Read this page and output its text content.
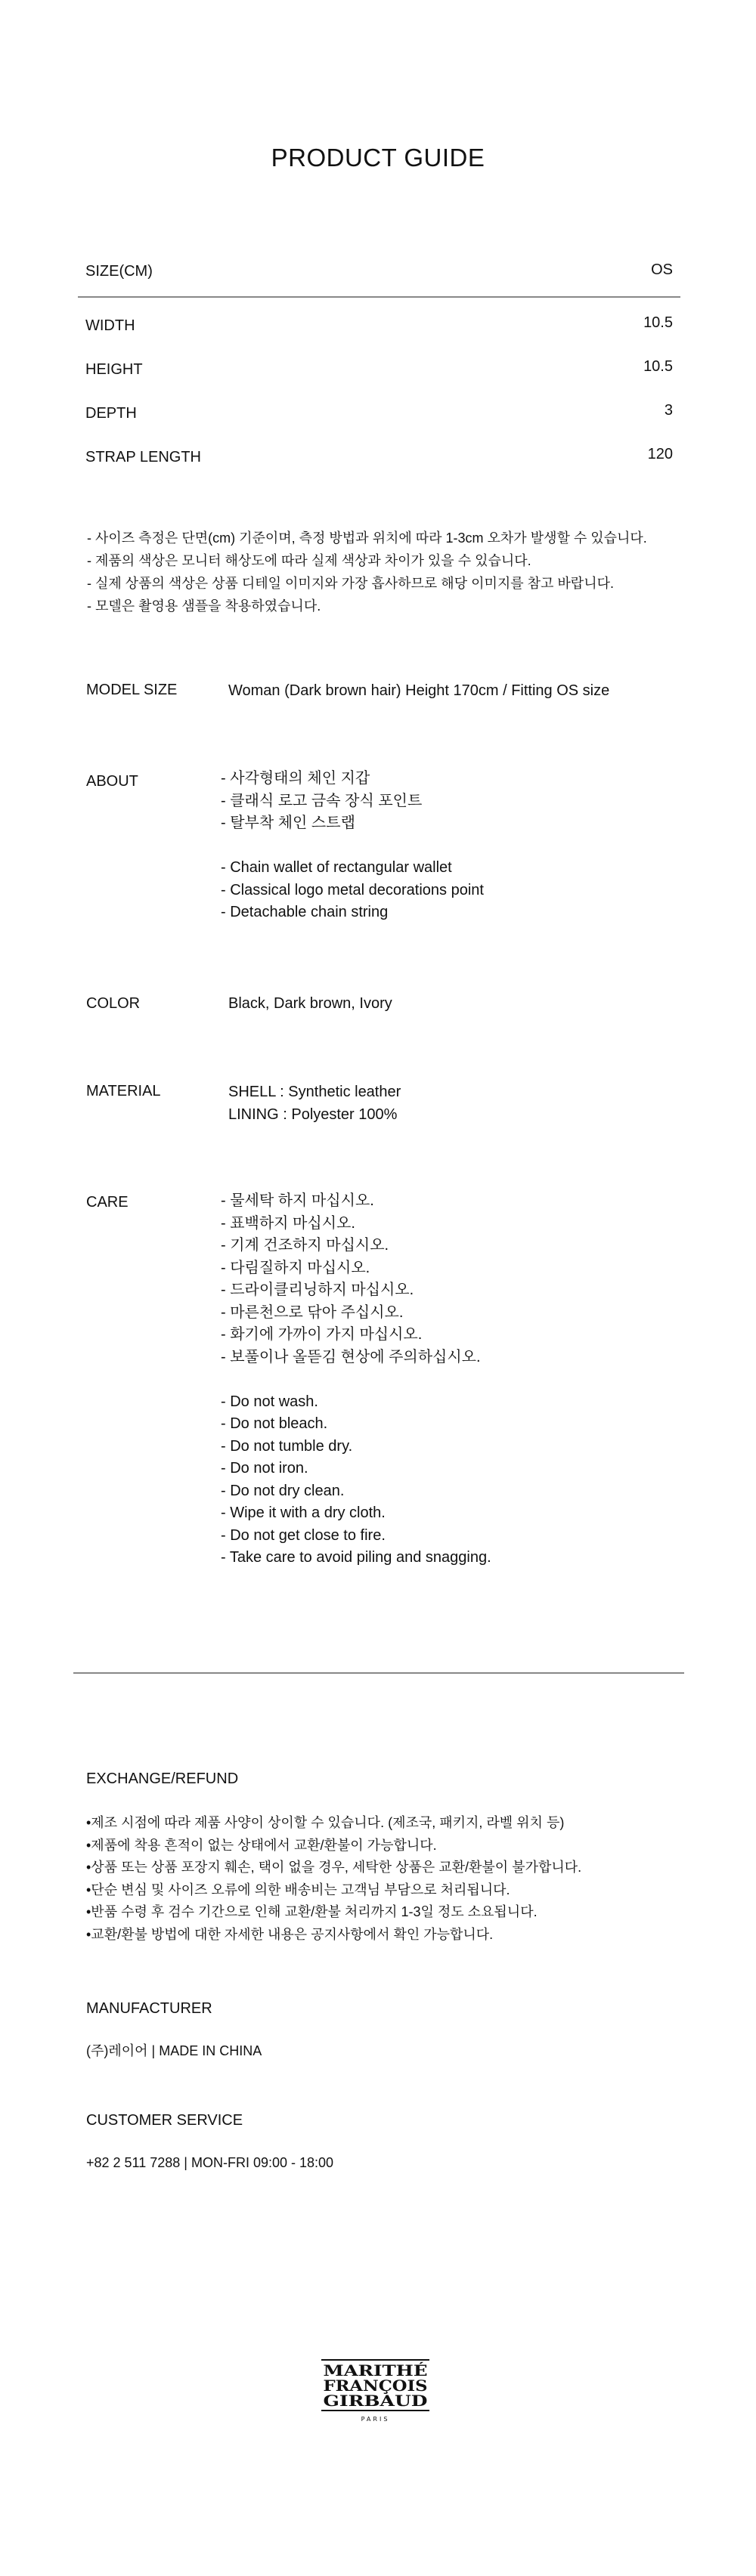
PRODUCT GUIDE
SIZE(CM)	OS
WIDTH	10.5
HEIGHT	10.5
DEPTH	3
STRAP LENGTH	120
- 사이즈 측정은 단면(cm) 기준이며, 측정 방법과 위치에 따라 1-3cm 오차가 발생할 수 있습니다.
- 제품의 색상은 모니터 해상도에 따라 실제 색상과 차이가 있을 수 있습니다.
- 실제 상품의 색상은 상품 디테일 이미지와 가장 흡사하므로 해당 이미지를 참고 바랍니다.
- 모델은 촬영용 샘플을 착용하였습니다.
MODEL SIZE	Woman (Dark brown hair) Height 170cm / Fitting OS size
ABOUT	- 사각형태의 체인 지갑
- 클래식 로고 금속 장식 포인트
- 탈부착 체인 스트랩
- Chain wallet of rectangular wallet
- Classical logo metal decorations point
- Detachable chain string
COLOR	Black, Dark brown, Ivory
MATERIAL	SHELL : Synthetic leather
LINING : Polyester 100%
CARE	- 물세탁 하지 마십시오.
- 표백하지 마십시오.
- 기계 건조하지 마십시오.
- 다림질하지 마십시오.
- 드라이클리닝하지 마십시오.
- 마른천으로 닦아 주십시오.
- 화기에 가까이 가지 마십시오.
- 보풀이나 올뜯김 현상에 주의하십시오.
- Do not wash.
- Do not bleach.
- Do not tumble dry.
- Do not iron.
- Do not dry clean.
- Wipe it with a dry cloth.
- Do not get close to fire.
- Take care to avoid piling and snagging.
EXCHANGE/REFUND
•제조 시점에 따라 제품 사양이 상이할 수 있습니다. (제조국, 패키지, 라벨 위치 등)
•제품에 착용 흔적이 없는 상태에서 교환/환불이 가능합니다.
•상품 또는 상품 포장지 훼손, 택이 없을 경우, 세탁한 상품은 교환/환불이 불가합니다.
•단순 변심 및 사이즈 오류에 의한 배송비는 고객님 부담으로 처리됩니다.
•반품 수령 후 검수 기간으로 인해 교환/환불 처리까지 1-3일 정도 소요됩니다.
•교환/환불 방법에 대한 자세한 내용은 공지사항에서 확인 가능합니다.
MANUFACTURER
(주)레이어 | MADE IN CHINA
CUSTOMER SERVICE
+82 2 511 7288 | MON-FRI 09:00 - 18:00
MARITHÉ
FRANÇOIS
GIRBAUD
PARIS
